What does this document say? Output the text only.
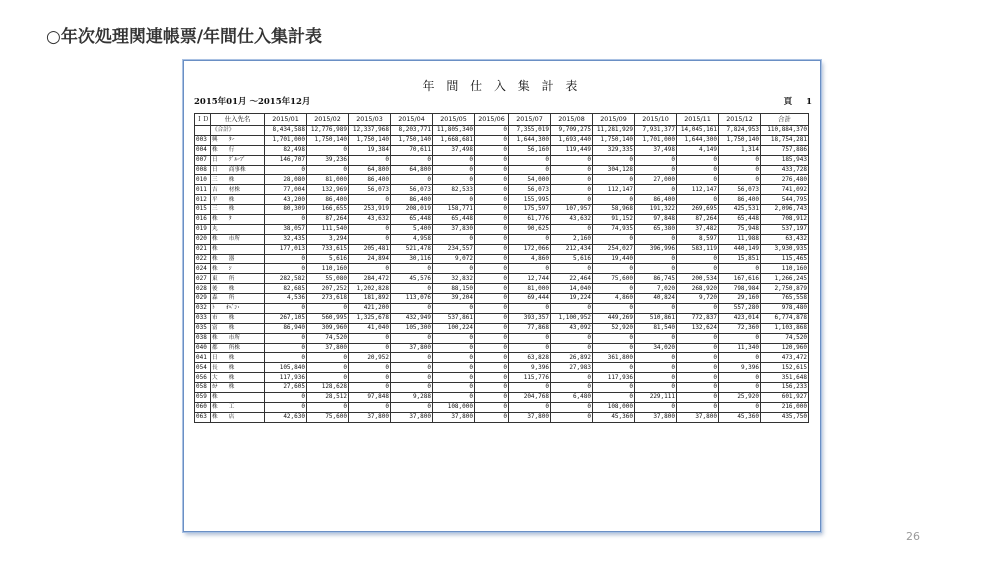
○年次処理関連帳票/年間仕入集計表
年 間 仕 入 集 計 表
2015年01月 ～2015年12月	頁 1
ＩＤ	仕入先名	2015/01	2015/02	2015/03	2015/04	2015/05	2015/06	2015/07	2015/08	2015/09	2015/10	2015/11	2015/12	合計
	《合計》	8,434,588	12,776,989	12,337,968	8,203,771	11,805,340	0	7,355,019	9,709,275	11,281,929	7,931,377	14,045,161	7,824,953	110,884,370
003	興　　ﾀｰ	1,701,000	1,750,140	1,750,140	1,750,140	1,668,681	0	1,644,300	1,693,440	1,750,140	1,701,000	1,644,300	1,750,140	18,754,281
004	株　　行	82,498	0	19,384	70,611	37,498	0	56,160	119,449	329,335	37,498	4,149	1,314	757,886
007	日　　ｸﾞﾙｰﾌﾟ	146,707	39,236	0	0	0	0	0	0	0	0	0	0	185,943
008	日　　商事株	0	0	64,800	64,800	0	0	0	0	304,128	0	0	0	433,728
010	三　　株	28,080	81,000	86,400	0	0	0	54,000	0	0	27,000	0	0	276,480
011	吉　　材株	77,004	132,969	56,073	56,073	82,533	0	56,073	0	112,147	0	112,147	56,073	741,092
012	平　　株	43,200	86,400	0	86,400	0	0	155,995	0	0	86,400	0	86,400	544,795
015	三　　株	80,309	166,655	253,919	208,019	158,771	0	175,597	107,957	58,968	191,322	269,695	425,531	2,096,743
016	株　　ﾀ	0	87,264	43,632	65,448	65,448	0	61,776	43,632	91,152	97,848	87,264	65,448	708,912
019	丸　　	38,057	111,540	0	5,400	37,830	0	90,625	0	74,935	65,380	37,482	75,948	537,197
020	株　　市所	32,435	3,294	0	4,958	0	0	0	2,160	0	0	8,597	11,988	63,432
021	株　　	177,013	733,615	205,481	521,478	234,557	0	172,066	212,434	254,027	396,996	583,119	440,149	3,930,935
022	株　　器	0	5,616	24,894	30,116	9,072	0	4,860	5,616	19,440	0	0	15,851	115,465
024	株　　ｼ	0	110,160	0	0	0	0	0	0	0	0	0	0	110,160
027	東　　所	282,582	55,080	284,472	45,576	32,832	0	12,744	22,464	75,600	86,745	200,534	167,616	1,266,245
028	後　　株	82,685	207,252	1,202,828	0	88,150	0	81,000	14,040	0	7,020	268,920	798,984	2,750,879
029	森　　所	4,536	273,618	181,892	113,076	39,204	0	69,444	19,224	4,860	40,824	9,720	29,160	765,558
032	ﾄ　　ｵﾍﾞﾝ･	0	0	421,200	0	0	0	0	0	0	0	0	557,280	978,480
033	市　　株	267,105	560,995	1,325,678	432,949	537,861	0	393,357	1,100,952	449,269	510,861	772,837	423,014	6,774,878
035	富　　株	86,940	309,960	41,040	105,300	100,224	0	77,868	43,092	52,920	81,540	132,624	72,360	1,103,868
038	株　　市所	0	74,520	0	0	0	0	0	0	0	0	0	0	74,520
040	都　　所株	0	37,800	0	37,800	0	0	0	0	0	34,020	0	11,340	120,960
041	日　　株	0	0	20,952	0	0	0	63,828	26,892	361,800	0	0	0	473,472
054	長　　株	105,840	0	0	0	0	0	9,396	27,983	0	0	0	9,396	152,615
056	大　　株	117,936	0	0	0	0	0	115,776	0	117,936	0	0	0	351,648
058	ｶﾅ　　株	27,605	128,628	0	0	0	0	0	0	0	0	0	0	156,233
059	株　　	0	28,512	97,848	9,288	0	0	204,768	6,480	0	229,111	0	25,920	601,927
060	株　　工	0	0	0	0	108,000	0	0	0	108,000	0	0	0	216,000
063	株　　店	42,630	75,600	37,800	37,800	37,800	0	37,800	0	45,360	37,800	37,800	45,360	435,750
26
